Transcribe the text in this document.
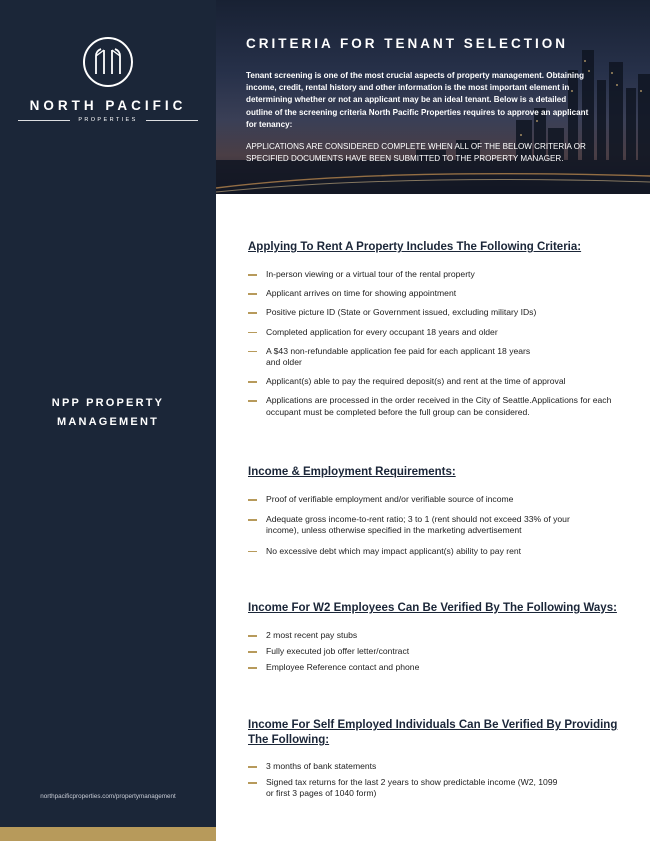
NORTH PACIFIC
PROPERTIES
NPP PROPERTY
MANAGEMENT
northpacificproperties.com/propertymanagement
CRITERIA FOR TENANT SELECTION
Tenant screening is one of the most crucial aspects of property management. Obtaining income, credit, rental history and other information is the most important element in determining whether or not an applicant may be an ideal tenant. Below is a detailed outline of the screening criteria North Pacific Properties requires to approve an applicant for tenancy:
APPLICATIONS ARE CONSIDERED COMPLETE WHEN ALL OF THE BELOW CRITERIA OR SPECIFIED DOCUMENTS HAVE BEEN SUBMITTED TO THE PROPERTY MANAGER.
Applying To Rent A Property Includes The Following Criteria:
In-person viewing or a virtual tour of the rental property
Applicant arrives on time for showing appointment
Positive picture ID (State or Government issued, excluding military IDs)
Completed application for every occupant 18 years and older
A $43 non-refundable application fee paid for each applicant 18 years and older
Applicant(s) able to pay the required deposit(s) and rent at the time of approval
Applications are processed in the order received in the City of Seattle.Applications for each occupant must be completed before the full group can be considered.
Income & Employment Requirements:
Proof of verifiable employment and/or verifiable source of income
Adequate gross income-to-rent ratio; 3 to 1 (rent should not exceed 33% of your income), unless otherwise specified in the marketing advertisement
No excessive debt which may impact applicant(s) ability to pay rent
Income For W2 Employees Can Be Verified By The Following Ways:
2 most recent pay stubs
Fully executed job offer letter/contract
Employee Reference contact and phone
Income For Self Employed Individuals Can Be Verified By Providing The Following:
3 months of bank statements
Signed tax returns for the last 2 years to show predictable income (W2, 1099 or first 3 pages of 1040 form)
